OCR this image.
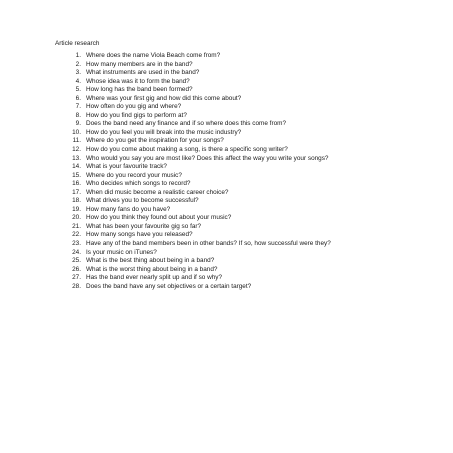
Article research
1. Where does the name Viola Beach come from?
2. How many members are in the band?
3. What instruments are used in the band?
4. Whose idea was it to form the band?
5. How long has the band been formed?
6. Where was your first gig and how did this come about?
7. How often do you gig and where?
8. How do you find gigs to perform at?
9. Does the band need any finance and if so where does this come from?
10. How do you feel you will break into the music industry?
11. Where do you get the inspiration for your songs?
12. How do you come about making a song, is there a specific song writer?
13. Who would you say you are most like? Does this affect the way you write your songs?
14. What is your favourite track?
15. Where do you record your music?
16. Who decides which songs to record?
17. When did music become a realistic career choice?
18. What drives you to become successful?
19. How many fans do you have?
20. How do you think they found out about your music?
21. What has been your favourite gig so far?
22. How many songs have you released?
23. Have any of the band members been in other bands? If so, how successful were they?
24. Is your music on iTunes?
25. What is the best thing about being in a band?
26. What is the worst thing about being in a band?
27. Has the band ever nearly split up and if so why?
28. Does the band have any set objectives or a certain target?
